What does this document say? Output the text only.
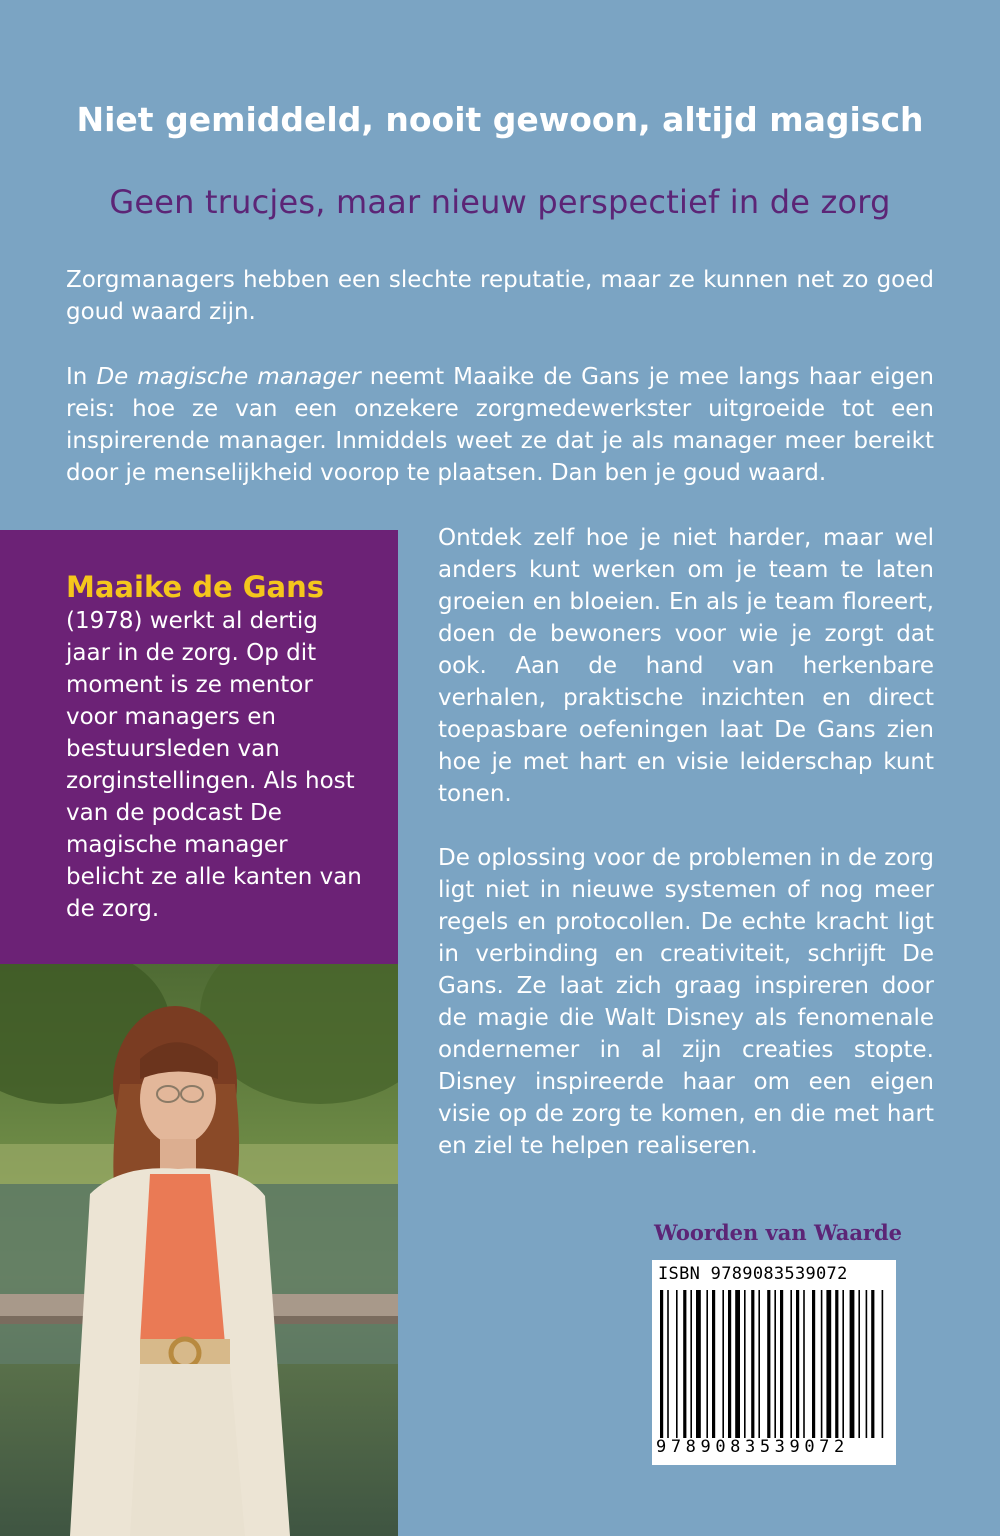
Niet gemiddeld, nooit gewoon, altijd magisch
Geen trucjes, maar nieuw perspectief in de zorg
Zorgmanagers hebben een slechte reputatie, maar ze kunnen net zo goed goud waard zijn.
In De magische manager neemt Maaike de Gans je mee langs haar eigen reis: hoe ze van een onzekere zorgmedewerkster uitgroeide tot een inspirerende manager. Inmiddels weet ze dat je als manager meer bereikt door je menselijkheid voorop te plaatsen. Dan ben je goud waard.
Maaike de Gans
(1978) werkt al dertig jaar in de zorg. Op dit moment is ze mentor voor managers en bestuursleden van zorginstellingen. Als host van de podcast De magische manager belicht ze alle kanten van de zorg.
Ontdek zelf hoe je niet harder, maar wel anders kunt werken om je team te laten groeien en bloeien. En als je team floreert, doen de bewoners voor wie je zorgt dat ook. Aan de hand van herkenbare verhalen, praktische inzichten en direct toepasbare oefeningen laat De Gans zien hoe je met hart en visie leiderschap kunt tonen.
De oplossing voor de problemen in de zorg ligt niet in nieuwe systemen of nog meer regels en protocollen. De echte kracht ligt in verbinding en creativiteit, schrijft De Gans. Ze laat zich graag inspireren door de magie die Walt Disney als fenomenale ondernemer in al zijn creaties stopte. Disney inspireerde haar om een eigen visie op de zorg te komen, en die met hart en ziel te helpen realiseren.
Woorden van Waarde
ISBN 9789083539072
9789083539072
